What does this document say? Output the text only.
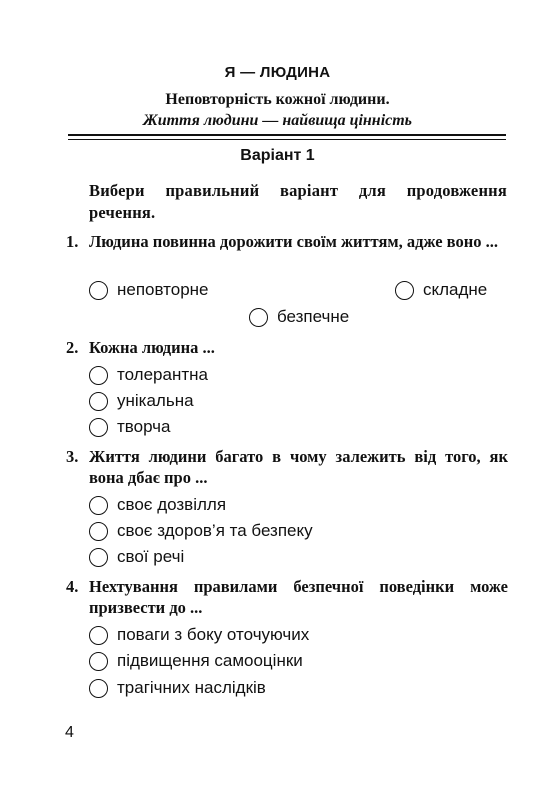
Я — ЛЮДИНА
Неповторність кожної людини.
Життя людини — найвища цінність
Варіант 1
Вибери правильний варіант для продовження речення.
1. Людина повинна дорожити своїм життям, адже воно ...
неповторне	складне
безпечне
2. Кожна людина ...
толерантна
унікальна
творча
3. Життя людини багато в чому залежить від того, як вона дбає про ...
своє дозвілля
своє здоров’я та безпеку
свої речі
4. Нехтування правилами безпечної поведінки може призвести до ...
поваги з боку оточуючих
підвищення самооцінки
трагічних наслідків
4
